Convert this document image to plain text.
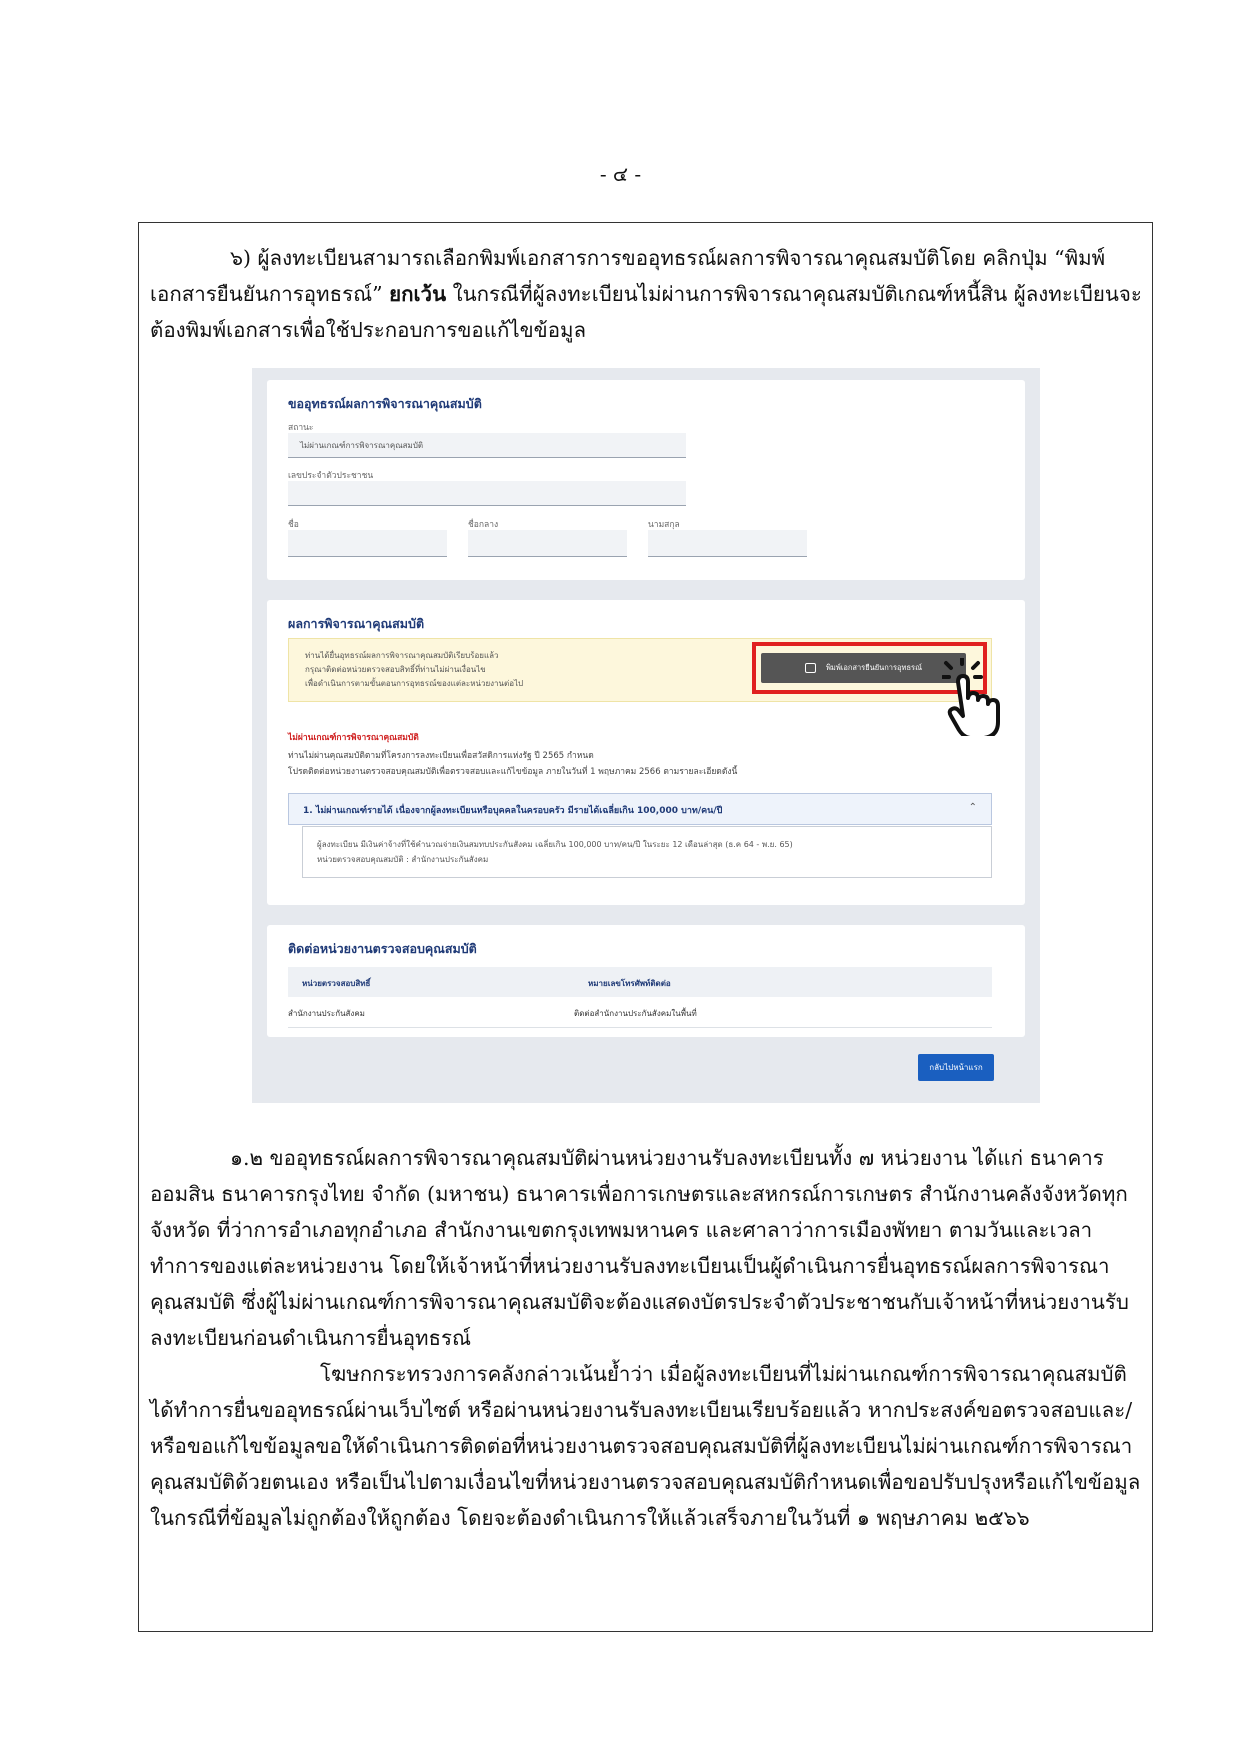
- ๔ -

๖) ผู้ลงทะเบียนสามารถเลือกพิมพ์เอกสารการขออุทธรณ์ผลการพิจารณาคุณสมบัติโดย คลิกปุ่ม “พิมพ์เอกสารยืนยันการอุทธรณ์” ยกเว้น ในกรณีที่ผู้ลงทะเบียนไม่ผ่านการพิจารณาคุณสมบัติเกณฑ์หนี้สิน ผู้ลงทะเบียนจะต้องพิมพ์เอกสารเพื่อใช้ประกอบการขอแก้ไขข้อมูล

ขออุทธรณ์ผลการพิจารณาคุณสมบัติ
สถานะ
ไม่ผ่านเกณฑ์การพิจารณาคุณสมบัติ
เลขประจำตัวประชาชน
ชื่อ	ชื่อกลาง	นามสกุล
ผลการพิจารณาคุณสมบัติ
ท่านได้ยื่นอุทธรณ์ผลการพิจารณาคุณสมบัติเรียบร้อยแล้ว
กรุณาติดต่อหน่วยตรวจสอบสิทธิ์ที่ท่านไม่ผ่านเงื่อนไข
เพื่อดำเนินการตามขั้นตอนการอุทธรณ์ของแต่ละหน่วยงานต่อไป
พิมพ์เอกสารยืนยันการอุทธรณ์
ไม่ผ่านเกณฑ์การพิจารณาคุณสมบัติ
ท่านไม่ผ่านคุณสมบัติตามที่โครงการลงทะเบียนเพื่อสวัสดิการแห่งรัฐ ปี 2565 กำหนด
โปรดติดต่อหน่วยงานตรวจสอบคุณสมบัติเพื่อตรวจสอบและแก้ไขข้อมูล ภายในวันที่ 1 พฤษภาคม 2566 ตามรายละเอียดดังนี้
1. ไม่ผ่านเกณฑ์รายได้ เนื่องจากผู้ลงทะเบียนหรือบุคคลในครอบครัว มีรายได้เฉลี่ยเกิน 100,000 บาท/คน/ปี	⌃
ผู้ลงทะเบียน มีเงินค่าจ้างที่ใช้คำนวณจ่ายเงินสมทบประกันสังคม เฉลี่ยเกิน 100,000 บาท/คน/ปี ในระยะ 12 เดือนล่าสุด (ธ.ค 64 - พ.ย. 65)
หน่วยตรวจสอบคุณสมบัติ : สำนักงานประกันสังคม
ติดต่อหน่วยงานตรวจสอบคุณสมบัติ
หน่วยตรวจสอบสิทธิ์	หมายเลขโทรศัพท์ติดต่อ
สำนักงานประกันสังคม	ติดต่อสำนักงานประกันสังคมในพื้นที่
กลับไปหน้าแรก

๑.๒ ขออุทธรณ์ผลการพิจารณาคุณสมบัติผ่านหน่วยงานรับลงทะเบียนทั้ง ๗ หน่วยงาน ได้แก่ ธนาคารออมสิน ธนาคารกรุงไทย จำกัด (มหาชน) ธนาคารเพื่อการเกษตรและสหกรณ์การเกษตร สำนักงานคลังจังหวัดทุกจังหวัด ที่ว่าการอำเภอทุกอำเภอ สำนักงานเขตกรุงเทพมหานคร และศาลาว่าการเมืองพัทยา ตามวันและเวลาทำการของแต่ละหน่วยงาน โดยให้เจ้าหน้าที่หน่วยงานรับลงทะเบียนเป็นผู้ดำเนินการยื่นอุทธรณ์ผลการพิจารณาคุณสมบัติ ซึ่งผู้ไม่ผ่านเกณฑ์การพิจารณาคุณสมบัติจะต้องแสดงบัตรประจำตัวประชาชนกับเจ้าหน้าที่หน่วยงานรับลงทะเบียนก่อนดำเนินการยื่นอุทธรณ์

โฆษกกระทรวงการคลังกล่าวเน้นย้ำว่า เมื่อผู้ลงทะเบียนที่ไม่ผ่านเกณฑ์การพิจารณาคุณสมบัติได้ทำการยื่นขออุทธรณ์ผ่านเว็บไซต์ หรือผ่านหน่วยงานรับลงทะเบียนเรียบร้อยแล้ว หากประสงค์ขอตรวจสอบและ/หรือขอแก้ไขข้อมูลขอให้ดำเนินการติดต่อที่หน่วยงานตรวจสอบคุณสมบัติที่ผู้ลงทะเบียนไม่ผ่านเกณฑ์การพิจารณาคุณสมบัติด้วยตนเอง หรือเป็นไปตามเงื่อนไขที่หน่วยงานตรวจสอบคุณสมบัติกำหนดเพื่อขอปรับปรุงหรือแก้ไขข้อมูลในกรณีที่ข้อมูลไม่ถูกต้องให้ถูกต้อง โดยจะต้องดำเนินการให้แล้วเสร็จภายในวันที่ ๑ พฤษภาคม ๒๕๖๖
